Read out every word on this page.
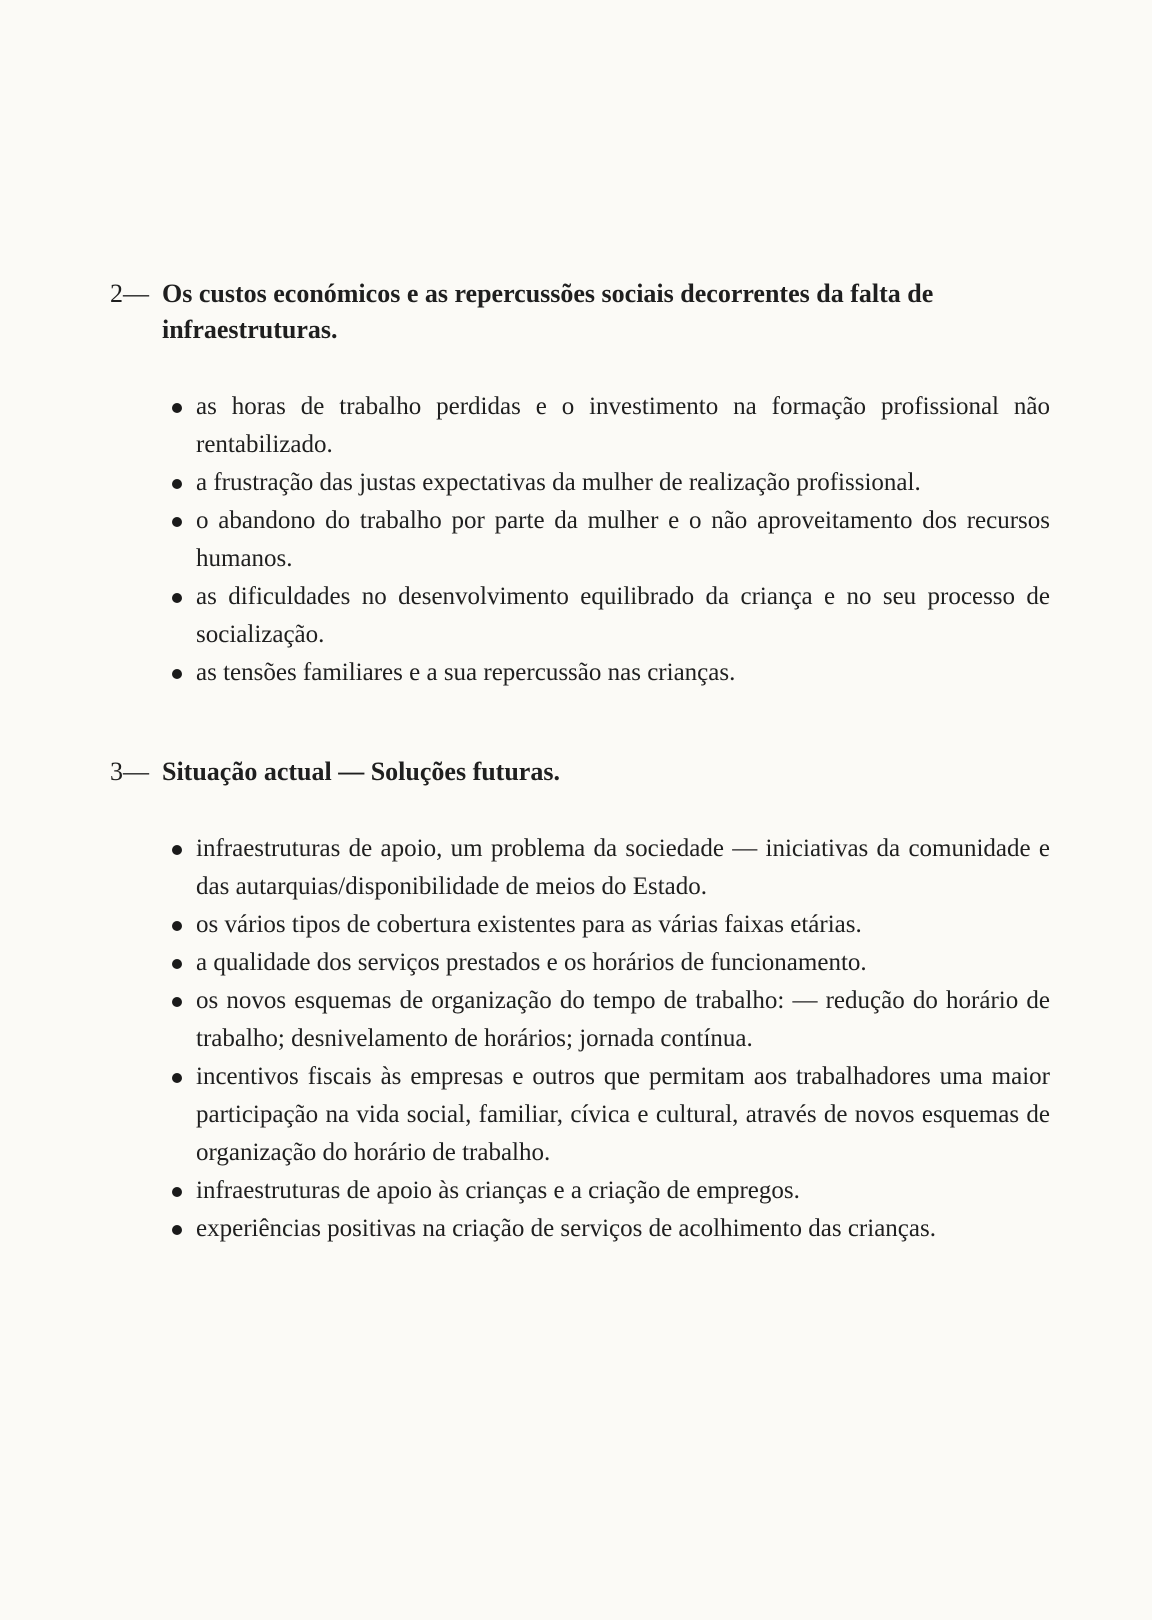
2— Os custos económicos e as repercussões sociais decorrentes da falta de infraestruturas.
as horas de trabalho perdidas e o investimento na formação profissional não rentabilizado.
a frustração das justas expectativas da mulher de realização profissional.
o abandono do trabalho por parte da mulher e o não aproveitamento dos recursos humanos.
as dificuldades no desenvolvimento equilibrado da criança e no seu processo de socialização.
as tensões familiares e a sua repercussão nas crianças.
3— Situação actual — Soluções futuras.
infraestruturas de apoio, um problema da sociedade — iniciativas da comunidade e das autarquias/disponibilidade de meios do Estado.
os vários tipos de cobertura existentes para as várias faixas etárias.
a qualidade dos serviços prestados e os horários de funcionamento.
os novos esquemas de organização do tempo de trabalho: — redução do horário de trabalho; desnivelamento de horários; jornada contínua.
incentivos fiscais às empresas e outros que permitam aos trabalhadores uma maior participação na vida social, familiar, cívica e cultural, através de novos esquemas de organização do horário de trabalho.
infraestruturas de apoio às crianças e a criação de empregos.
experiências positivas na criação de serviços de acolhimento das crianças.
